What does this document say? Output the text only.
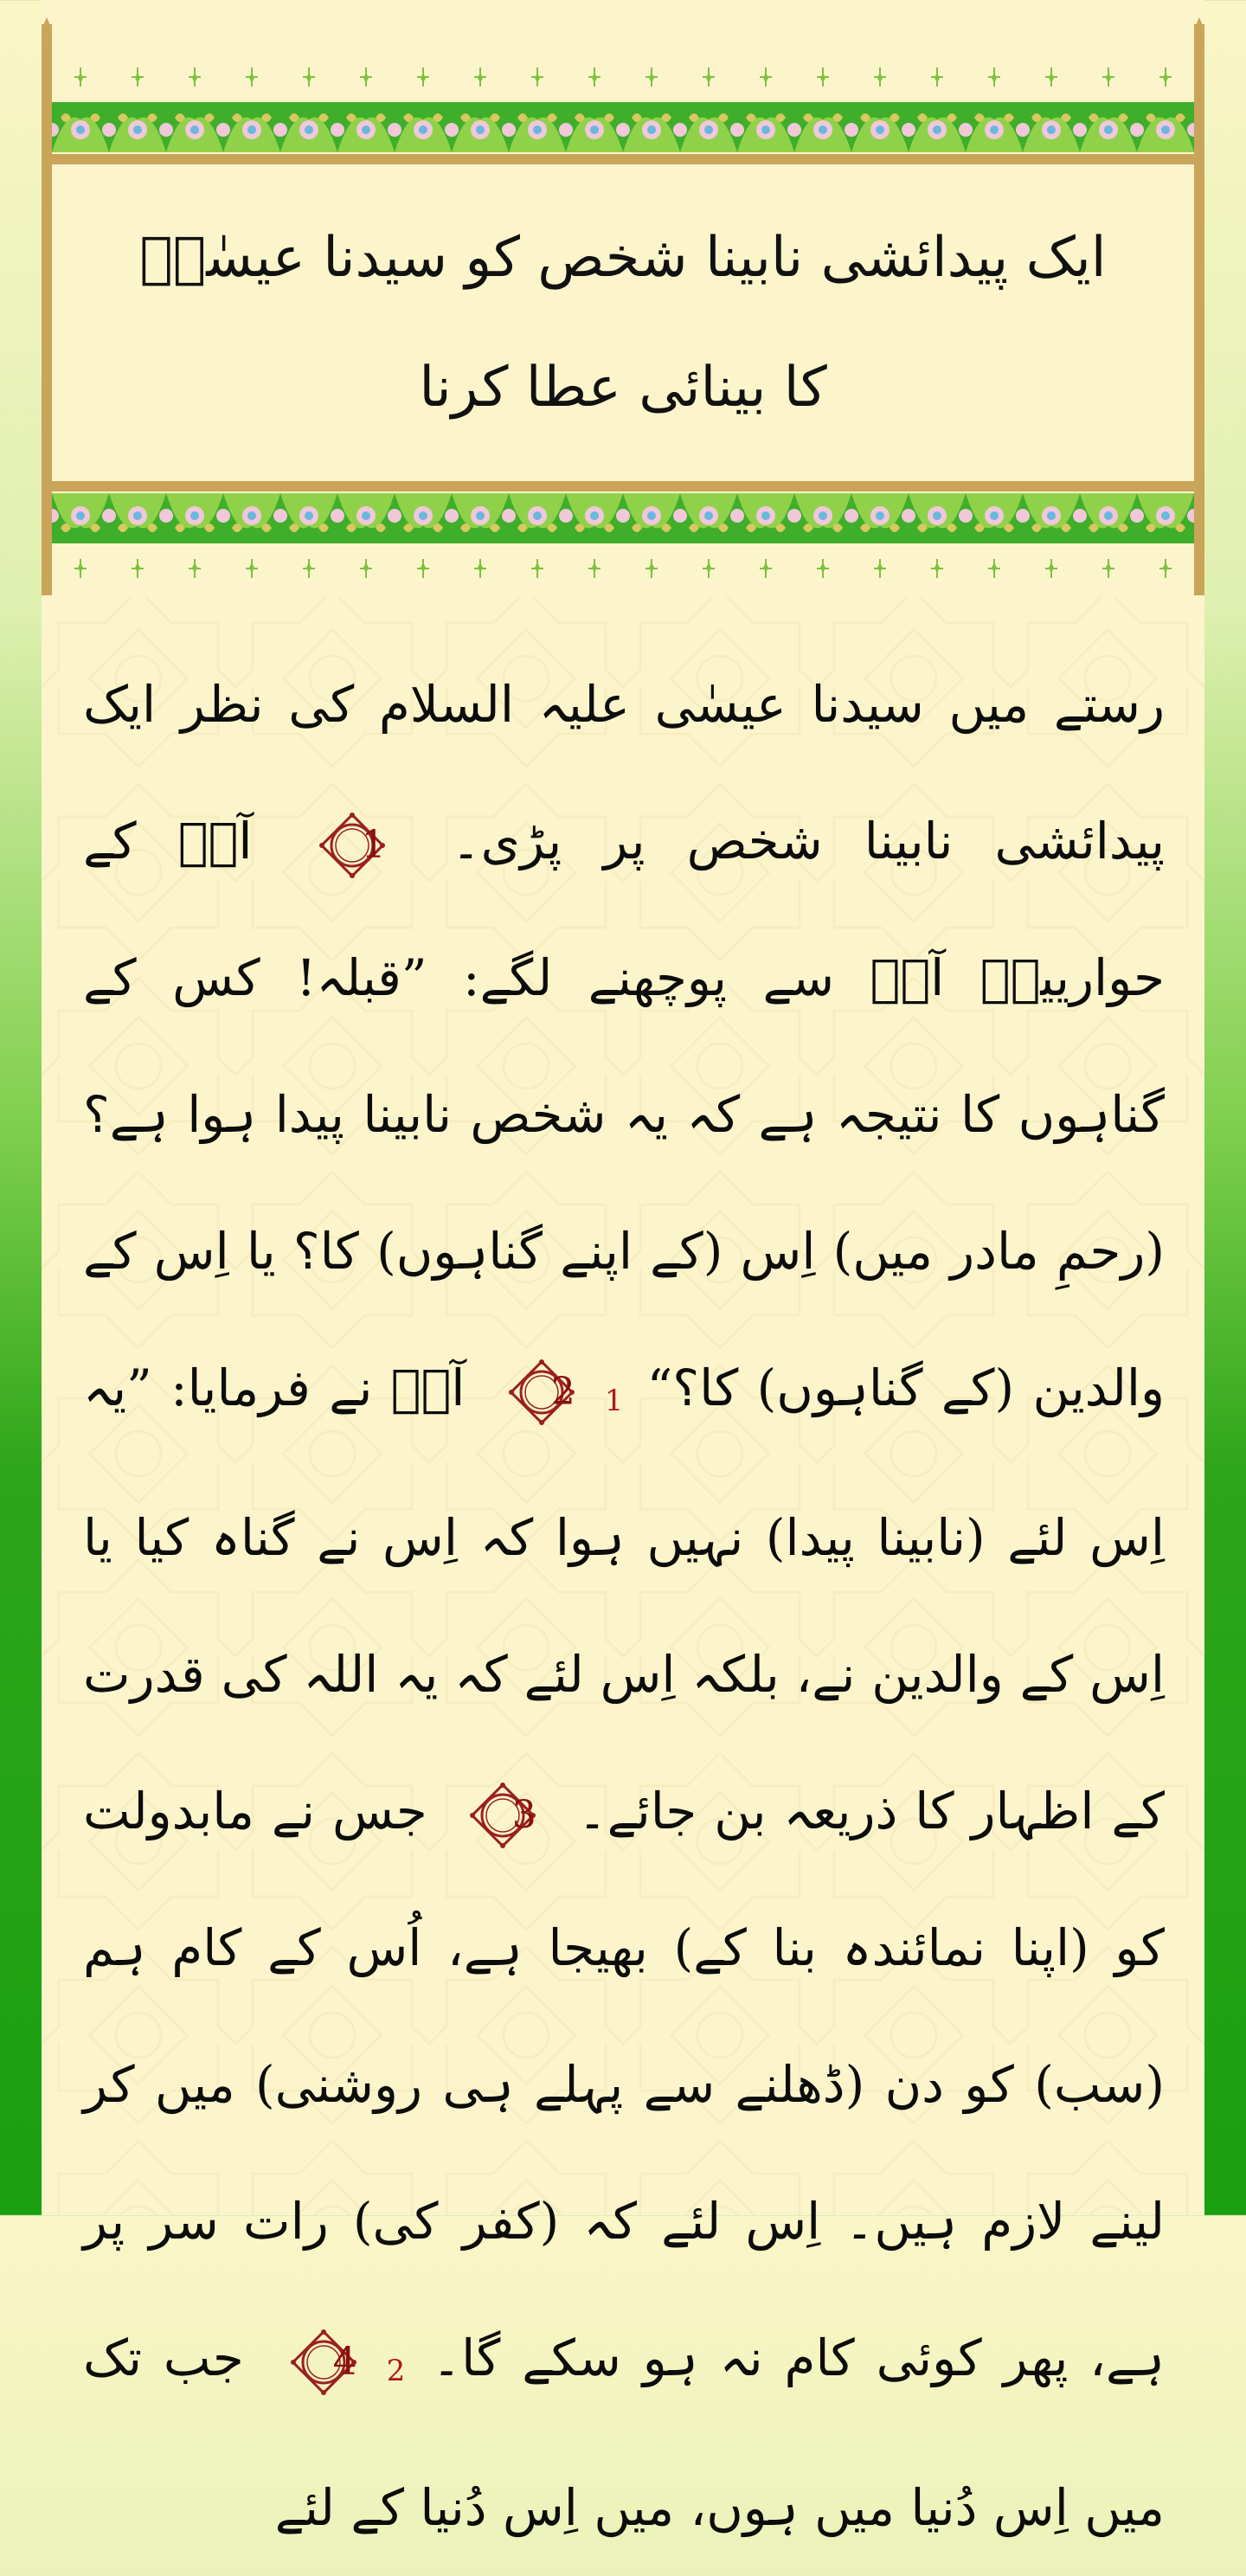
ایک پیدائشی نابینا شخص کو سیدنا عیسٰیؑ کا بینائی عطا کرنا
رستے میں سیدنا عیسٰی علیہ السلام کی نظر ایک پیدائشی نابینا شخص پر پڑی۔
1
آپؑ کے حواریینؓ آپؑ سے پوچھنے لگے: ”قبلہ! کس کے گناہوں کا نتیجہ ہے کہ یہ شخص نابینا پیدا ہوا ہے؟ (رحمِ مادر میں) اِس (کے اپنے گناہوں) کا؟ یا اِس کے والدین (کے گناہوں) کا؟“ 1
2
آپؑ نے فرمایا: ”یہ اِس لئے (نابینا پیدا) نہیں ہوا کہ اِس نے گناہ کیا یا اِس کے والدین نے، بلکہ اِس لئے کہ یہ اللہ کی قدرت کے اظہار کا ذریعہ بن جائے۔
3
جس نے مابدولت کو (اپنا نمائندہ بنا کے) بھیجا ہے، اُس کے کام ہم (سب) کو دن (ڈھلنے سے پہلے ہی روشنی) میں کر لینے لازم ہیں۔ اِس لئے کہ (کفر کی) رات سر پر ہے، پھر کوئی کام نہ ہو سکے گا۔ 2
4
جب تک میں اِس دُنیا میں ہوں، میں اِس دُنیا کے لئے
